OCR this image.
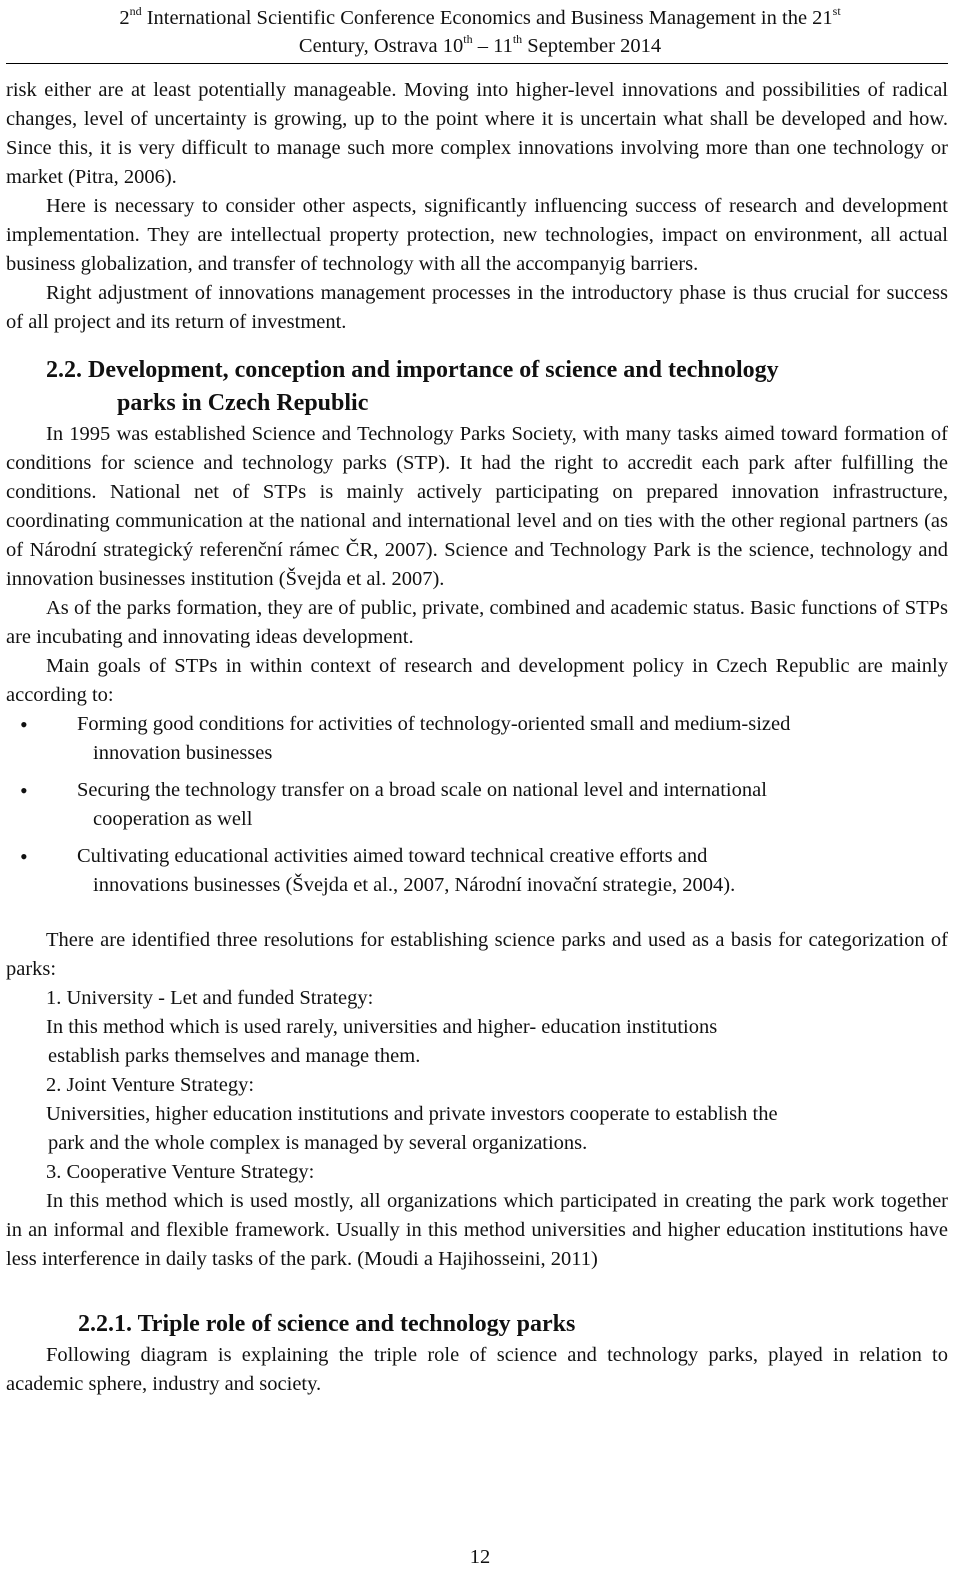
2nd International Scientific Conference Economics and Business Management in the 21st
Century, Ostrava 10th – 11th September 2014

risk either are at least potentially manageable. Moving into higher-level innovations and possibilities of radical changes, level of uncertainty is growing, up to the point where it is uncertain what shall be developed and how. Since this, it is very difficult to manage such more complex innovations involving more than one technology or market (Pitra, 2006).

Here is necessary to consider other aspects, significantly influencing success of research and development implementation. They are intellectual property protection, new technologies, impact on environment, all actual business globalization, and transfer of technology with all the accompanyig barriers.

Right adjustment of innovations management processes in the introductory phase is thus crucial for success of all project and its return of investment.

2.2. Development, conception and importance of science and technology
parks in Czech Republic

In 1995 was established Science and Technology Parks Society, with many tasks aimed toward formation of conditions for science and technology parks (STP). It had the right to accredit each park after fulfilling the conditions. National net of STPs is mainly actively participating on prepared innovation infrastructure, coordinating communication at the national and international level and on ties with the other regional partners (as of Národní strategický referenční rámec ČR, 2007). Science and Technology Park is the science, technology and innovation businesses institution (Švejda et al. 2007).

As of the parks formation, they are of public, private, combined and academic status. Basic functions of STPs are incubating and innovating ideas development.

Main goals of STPs in within context of research and development policy in Czech Republic are mainly according to:

• Forming good conditions for activities of technology-oriented small and medium-sized
innovation businesses
• Securing the technology transfer on a broad scale on national level and international
cooperation as well
• Cultivating educational activities aimed toward technical creative efforts and
innovations businesses (Švejda et al., 2007, Národní inovační strategie, 2004).

There are identified three resolutions for establishing science parks and used as a basis for categorization of parks:

1. University - Let and funded Strategy:
In this method which is used rarely, universities and higher- education institutions
establish parks themselves and manage them.
2. Joint Venture Strategy:
Universities, higher education institutions and private investors cooperate to establish the
park and the whole complex is managed by several organizations.
3. Cooperative Venture Strategy:

In this method which is used mostly, all organizations which participated in creating the park work together in an informal and flexible framework. Usually in this method universities and higher education institutions have less interference in daily tasks of the park. (Moudi a Hajihosseini, 2011)

2.2.1. Triple role of science and technology parks

Following diagram is explaining the triple role of science and technology parks, played in relation to academic sphere, industry and society.

12
